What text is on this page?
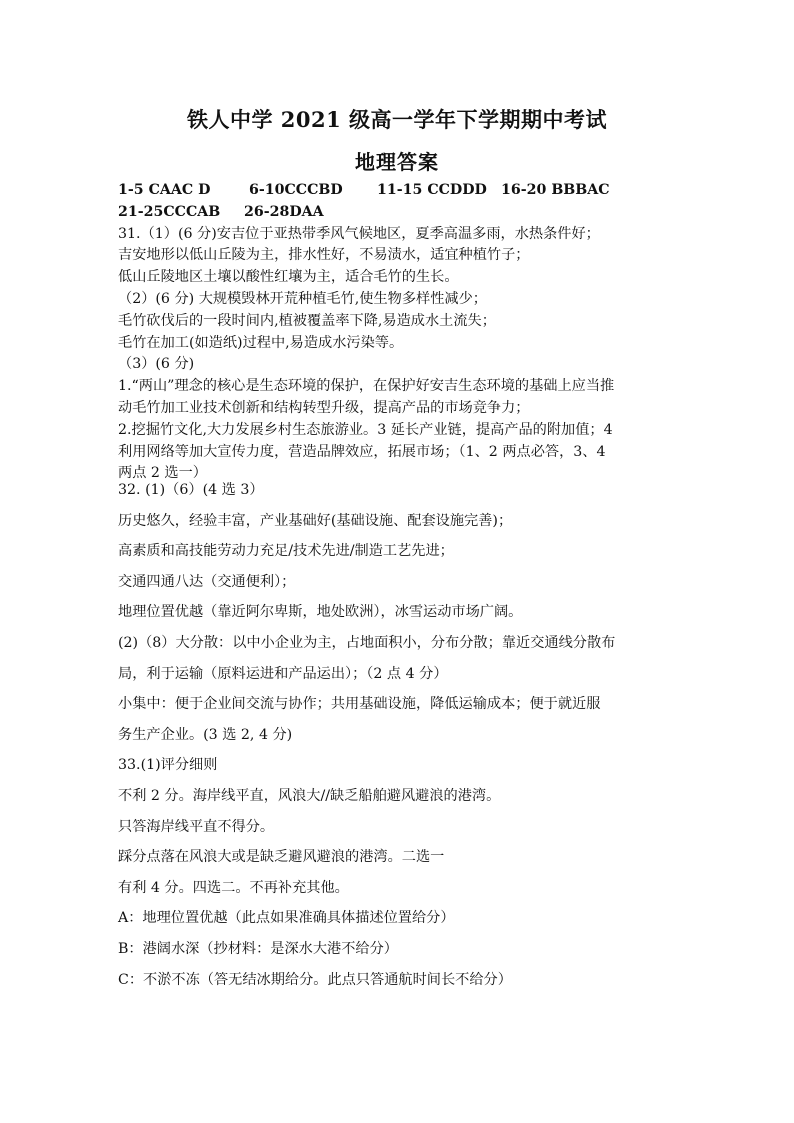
铁人中学 2021 级高一学年下学期期中考试
地理答案
1-5 CAAC D	6-10CCCBD	11-15 CCDDD 16-20 BBBAC
21-25CCCAB	26-28DAA
31.（1）(6 分)安吉位于亚热带季风气候地区，夏季高温多雨，水热条件好；
吉安地形以低山丘陵为主，排水性好，不易渍水，适宜种植竹子；
低山丘陵地区土壤以酸性红壤为主，适合毛竹的生长。
（2）(6 分) 大规模毁林开荒种植毛竹,使生物多样性减少；
毛竹砍伐后的一段时间内,植被覆盖率下降,易造成水土流失；
毛竹在加工(如造纸)过程中,易造成水污染等。
（3）(6 分)
1.“两山”理念的核心是生态环境的保护，在保护好安吉生态环境的基础上应当推
动毛竹加工业技术创新和结构转型升级，提高产品的市场竞争力；
2.挖掘竹文化,大力发展乡村生态旅游业。3 延长产业链，提高产品的附加值；4
利用网络等加大宣传力度，营造品牌效应，拓展市场；（1、2 两点必答，3、4
两点 2 选一）
32. (1)（6）(4 选 3）
历史悠久，经验丰富，产业基础好(基础设施、配套设施完善)；
高素质和高技能劳动力充足/技术先进/制造工艺先进；
交通四通八达（交通便利）；
地理位置优越（靠近阿尔卑斯，地处欧洲），冰雪运动市场广阔。
(2)（8）大分散：以中小企业为主，占地面积小，分布分散；靠近交通线分散布
局，利于运输（原料运进和产品运出）；（2 点 4 分）
小集中：便于企业间交流与协作；共用基础设施，降低运输成本；便于就近服
务生产企业。(3 选 2, 4 分)
33.(1)评分细则
不利 2 分。海岸线平直，风浪大//缺乏船舶避风避浪的港湾。
只答海岸线平直不得分。
踩分点落在风浪大或是缺乏避风避浪的港湾。二选一
有利 4 分。四选二。不再补充其他。
A：地理位置优越（此点如果准确具体描述位置给分）
B：港阔水深（抄材料：是深水大港不给分）
C：不淤不冻（答无结冰期给分。此点只答通航时间长不给分）
